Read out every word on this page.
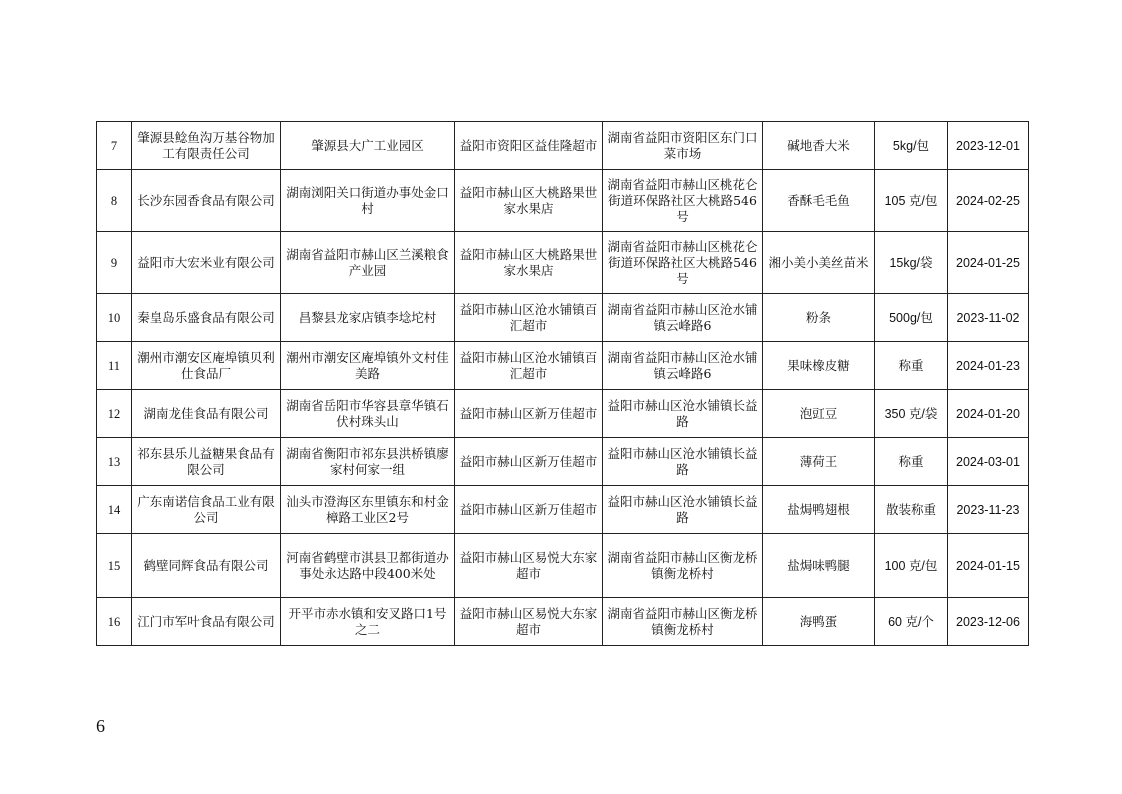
7	肇源县鲶鱼沟万基谷物加工有限责任公司	肇源县大广工业园区	益阳市资阳区益佳隆超市	湖南省益阳市资阳区东门口菜市场	碱地香大米	5kg/包	2023-12-01
8	长沙东园香食品有限公司	湖南浏阳关口街道办事处金口村	益阳市赫山区大桃路果世家水果店	湖南省益阳市赫山区桃花仑街道环保路社区大桃路546号	香酥毛毛鱼	105 克/包	2024-02-25
9	益阳市大宏米业有限公司	湖南省益阳市赫山区兰溪粮食产业园	益阳市赫山区大桃路果世家水果店	湖南省益阳市赫山区桃花仑街道环保路社区大桃路546号	湘小美小美丝苗米	15kg/袋	2024-01-25
10	秦皇岛乐盛食品有限公司	昌黎县龙家店镇李埝坨村	益阳市赫山区沧水铺镇百汇超市	湖南省益阳市赫山区沧水铺镇云峰路6	粉条	500g/包	2023-11-02
11	潮州市潮安区庵埠镇贝利仕食品厂	潮州市潮安区庵埠镇外文村佳美路	益阳市赫山区沧水铺镇百汇超市	湖南省益阳市赫山区沧水铺镇云峰路6	果味橡皮糖	称重	2024-01-23
12	湖南龙佳食品有限公司	湖南省岳阳市华容县章华镇石伏村珠头山	益阳市赫山区新万佳超市	益阳市赫山区沧水铺镇长益路	泡豇豆	350 克/袋	2024-01-20
13	祁东县乐儿益糖果食品有限公司	湖南省衡阳市祁东县洪桥镇廖家村何家一组	益阳市赫山区新万佳超市	益阳市赫山区沧水铺镇长益路	薄荷王	称重	2024-03-01
14	广东南诺信食品工业有限公司	汕头市澄海区东里镇东和村金樟路工业区2号	益阳市赫山区新万佳超市	益阳市赫山区沧水铺镇长益路	盐焗鸭翅根	散装称重	2023-11-23
15	鹤壁同辉食品有限公司	河南省鹤壁市淇县卫都街道办事处永达路中段400米处	益阳市赫山区易悦大东家超市	湖南省益阳市赫山区衡龙桥镇衡龙桥村	盐焗味鸭腿	100 克/包	2024-01-15
16	江门市军叶食品有限公司	开平市赤水镇和安叉路口1号之二	益阳市赫山区易悦大东家超市	湖南省益阳市赫山区衡龙桥镇衡龙桥村	海鸭蛋	60 克/个	2023-12-06
6
